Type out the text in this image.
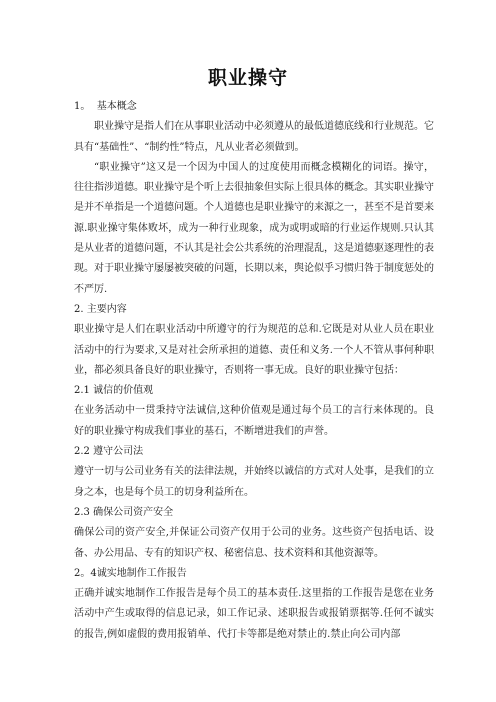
职业操守

1。  基本概念

职业操守是指人们在从事职业活动中必须遵从的最低道德底线和行业规范。它具有“基础性”、“制约性”特点，凡从业者必须做到。

“职业操守”这又是一个因为中国人的过度使用而概念模糊化的词语。操守，往往指涉道德。职业操守是个听上去很抽象但实际上很具体的概念。其实职业操守是并不单指是一个道德问题。个人道德也是职业操守的来源之一，甚至不是首要来源.职业操守集体败坏，成为一种行业现象，成为或明或暗的行业运作规则.只认其是从业者的道德问题，不认其是社会公共系统的治理混乱，这是道德驱逐理性的表现。对于职业操守屡屡被突破的问题，长期以来，舆论似乎习惯归咎于制度惩处的不严厉.

2. 主要内容

职业操守是人们在职业活动中所遵守的行为规范的总和.它既是对从业人员在职业活动中的行为要求,又是对社会所承担的道德、责任和义务.一个人不管从事何种职业，都必须具备良好的职业操守，否则将一事无成。良好的职业操守包括：

2.1 诚信的价值观

在业务活动中一贯秉持守法诚信,这种价值观是通过每个员工的言行来体现的。良好的职业操守构成我们事业的基石，不断增进我们的声誉。

2.2 遵守公司法

遵守一切与公司业务有关的法律法规，并始终以诚信的方式对人处事，是我们的立身之本，也是每个员工的切身利益所在。

2.3 确保公司资产安全

确保公司的资产安全,并保证公司资产仅用于公司的业务。这些资产包括电话、设备、办公用品、专有的知识产权、秘密信息、技术资料和其他资源等。

2。4诚实地制作工作报告

正确并诚实地制作工作报告是每个员工的基本责任.这里指的工作报告是您在业务活动中产生或取得的信息记录，如工作记录、述职报告或报销票据等.任何不诚实的报告,例如虚假的费用报销单、代打卡等都是绝对禁止的.禁止向公司内部
